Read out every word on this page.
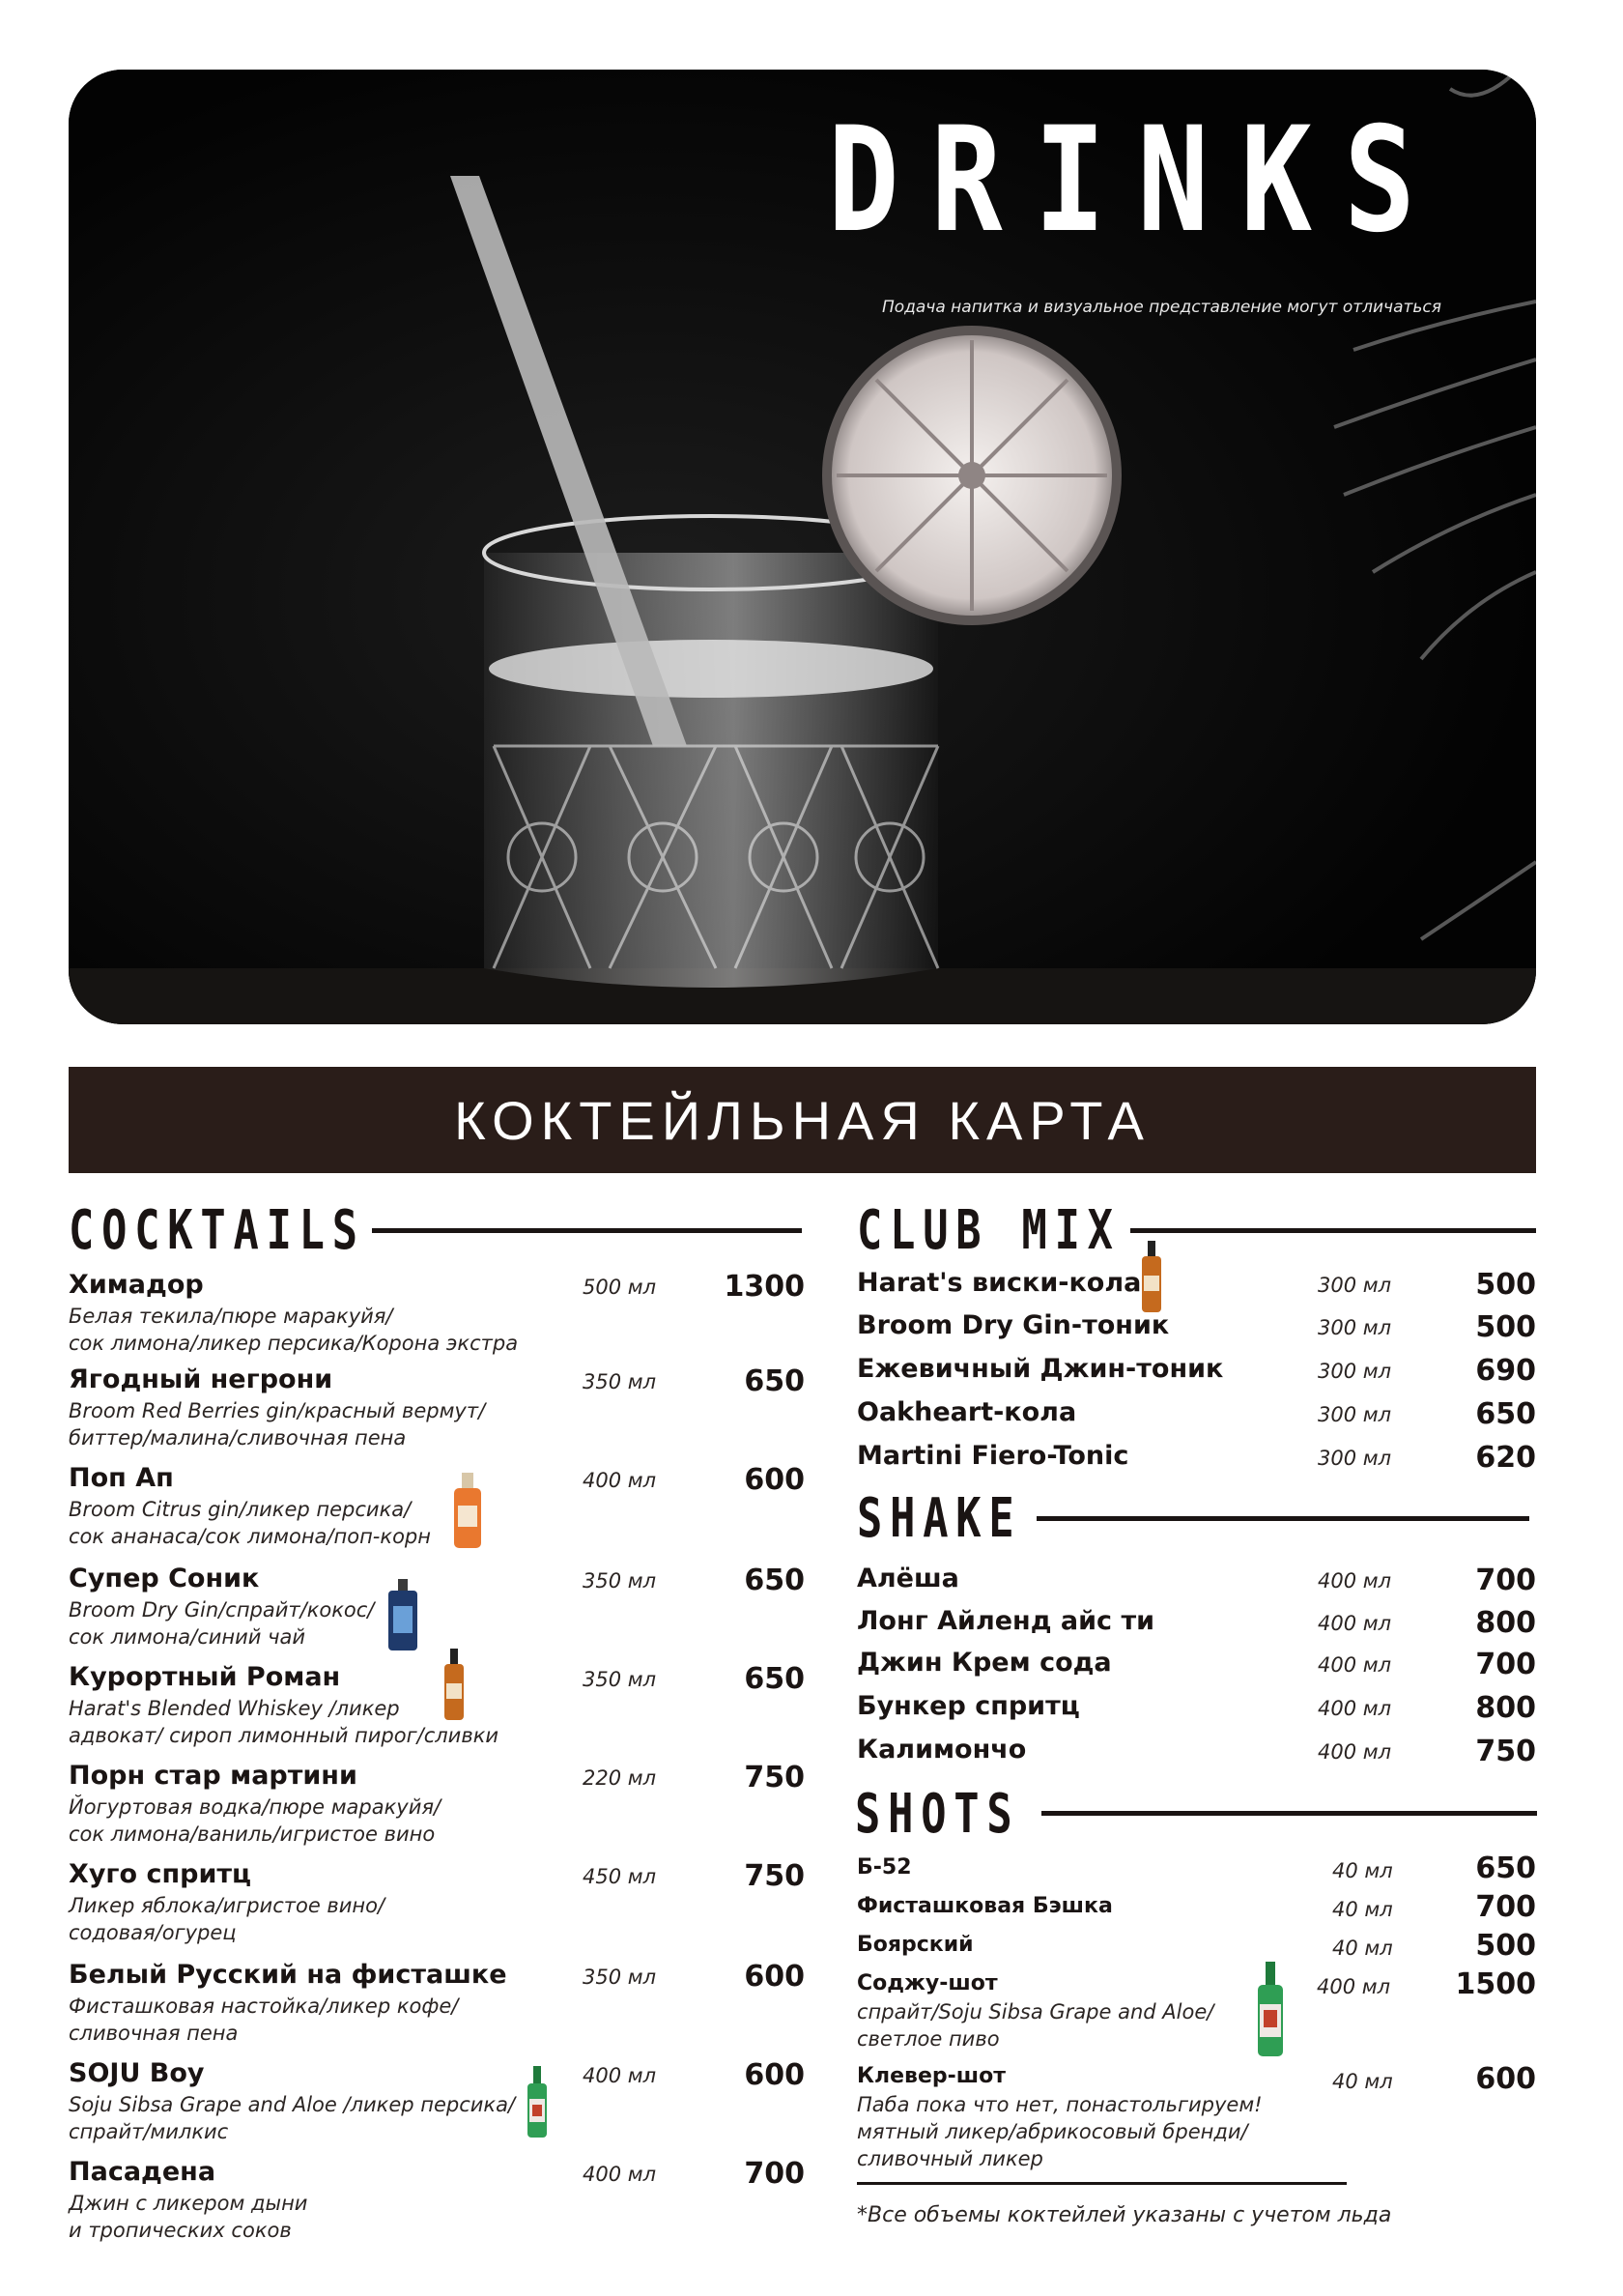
DRINKS
Подача напитка и визуальное представление могут отличаться
КОКТЕЙЛЬНАЯ КАРТА
COCKTAILS
Химадор
Белая текила/пюре маракуйя/
сок лимона/ликер персика/Корона экстра
500 мл 1300
Ягодный негрони
Broom Red Berries gin/красный вермут/
биттер/малина/сливочная пена
350 мл	650
Поп Ап
Broom Citrus gin/ликер персика/
сок ананаса/сок лимона/поп-корн
400 мл	600
Супер Соник
Broom Dry Gin/спрайт/кокос/
сок лимона/синий чай
350 мл	650
Курортный Роман
Harat's Blended Whiskey /ликер
адвокат/ сироп лимонный пирог/сливки
350 мл	650
Порн стар мартини
Йогуртовая водка/пюре маракуйя/
сок лимона/ваниль/игристое вино
220 мл	750
Хуго спритц
Ликер яблока/игристое вино/
содовая/огурец
450 мл	750
Белый Русский на фисташке
Фисташковая настойка/ликер кофе/
сливочная пена
350 мл	600
SOJU Boy
Soju Sibsa Grape and Aloe /ликер персика/
спрайт/милкис
400 мл	600
Пасадена
Джин с ликером дыни
и тропических соков
400 мл	700
CLUB MIX
Harat's виски-кола	300 мл	500
Broom Dry Gin-тоник	300 мл	500
Ежевичный Джин-тоник	300 мл	690
Oakheart-кола	300 мл	650
Martini Fiero-Tonic	300 мл	620
SHAKE
Алёша	400 мл	700
Лонг Айленд айс ти	400 мл	800
Джин Крем сода	400 мл	700
Бункер спритц	400 мл	800
Калимончо	400 мл	750
SHOTS
Б-52	40 мл	650
Фисташковая Бэшка	40 мл	700
Боярский	40 мл	500
Соджу-шот
спрайт/Soju Sibsa Grape and Aloe/
светлое пиво
400 мл 1500
Клевер-шот
Паба пока что нет, понастольгируем!
мятный ликер/абрикосовый бренди/
сливочный ликер
40 мл	600
*Все объемы коктейлей указаны с учетом льда
